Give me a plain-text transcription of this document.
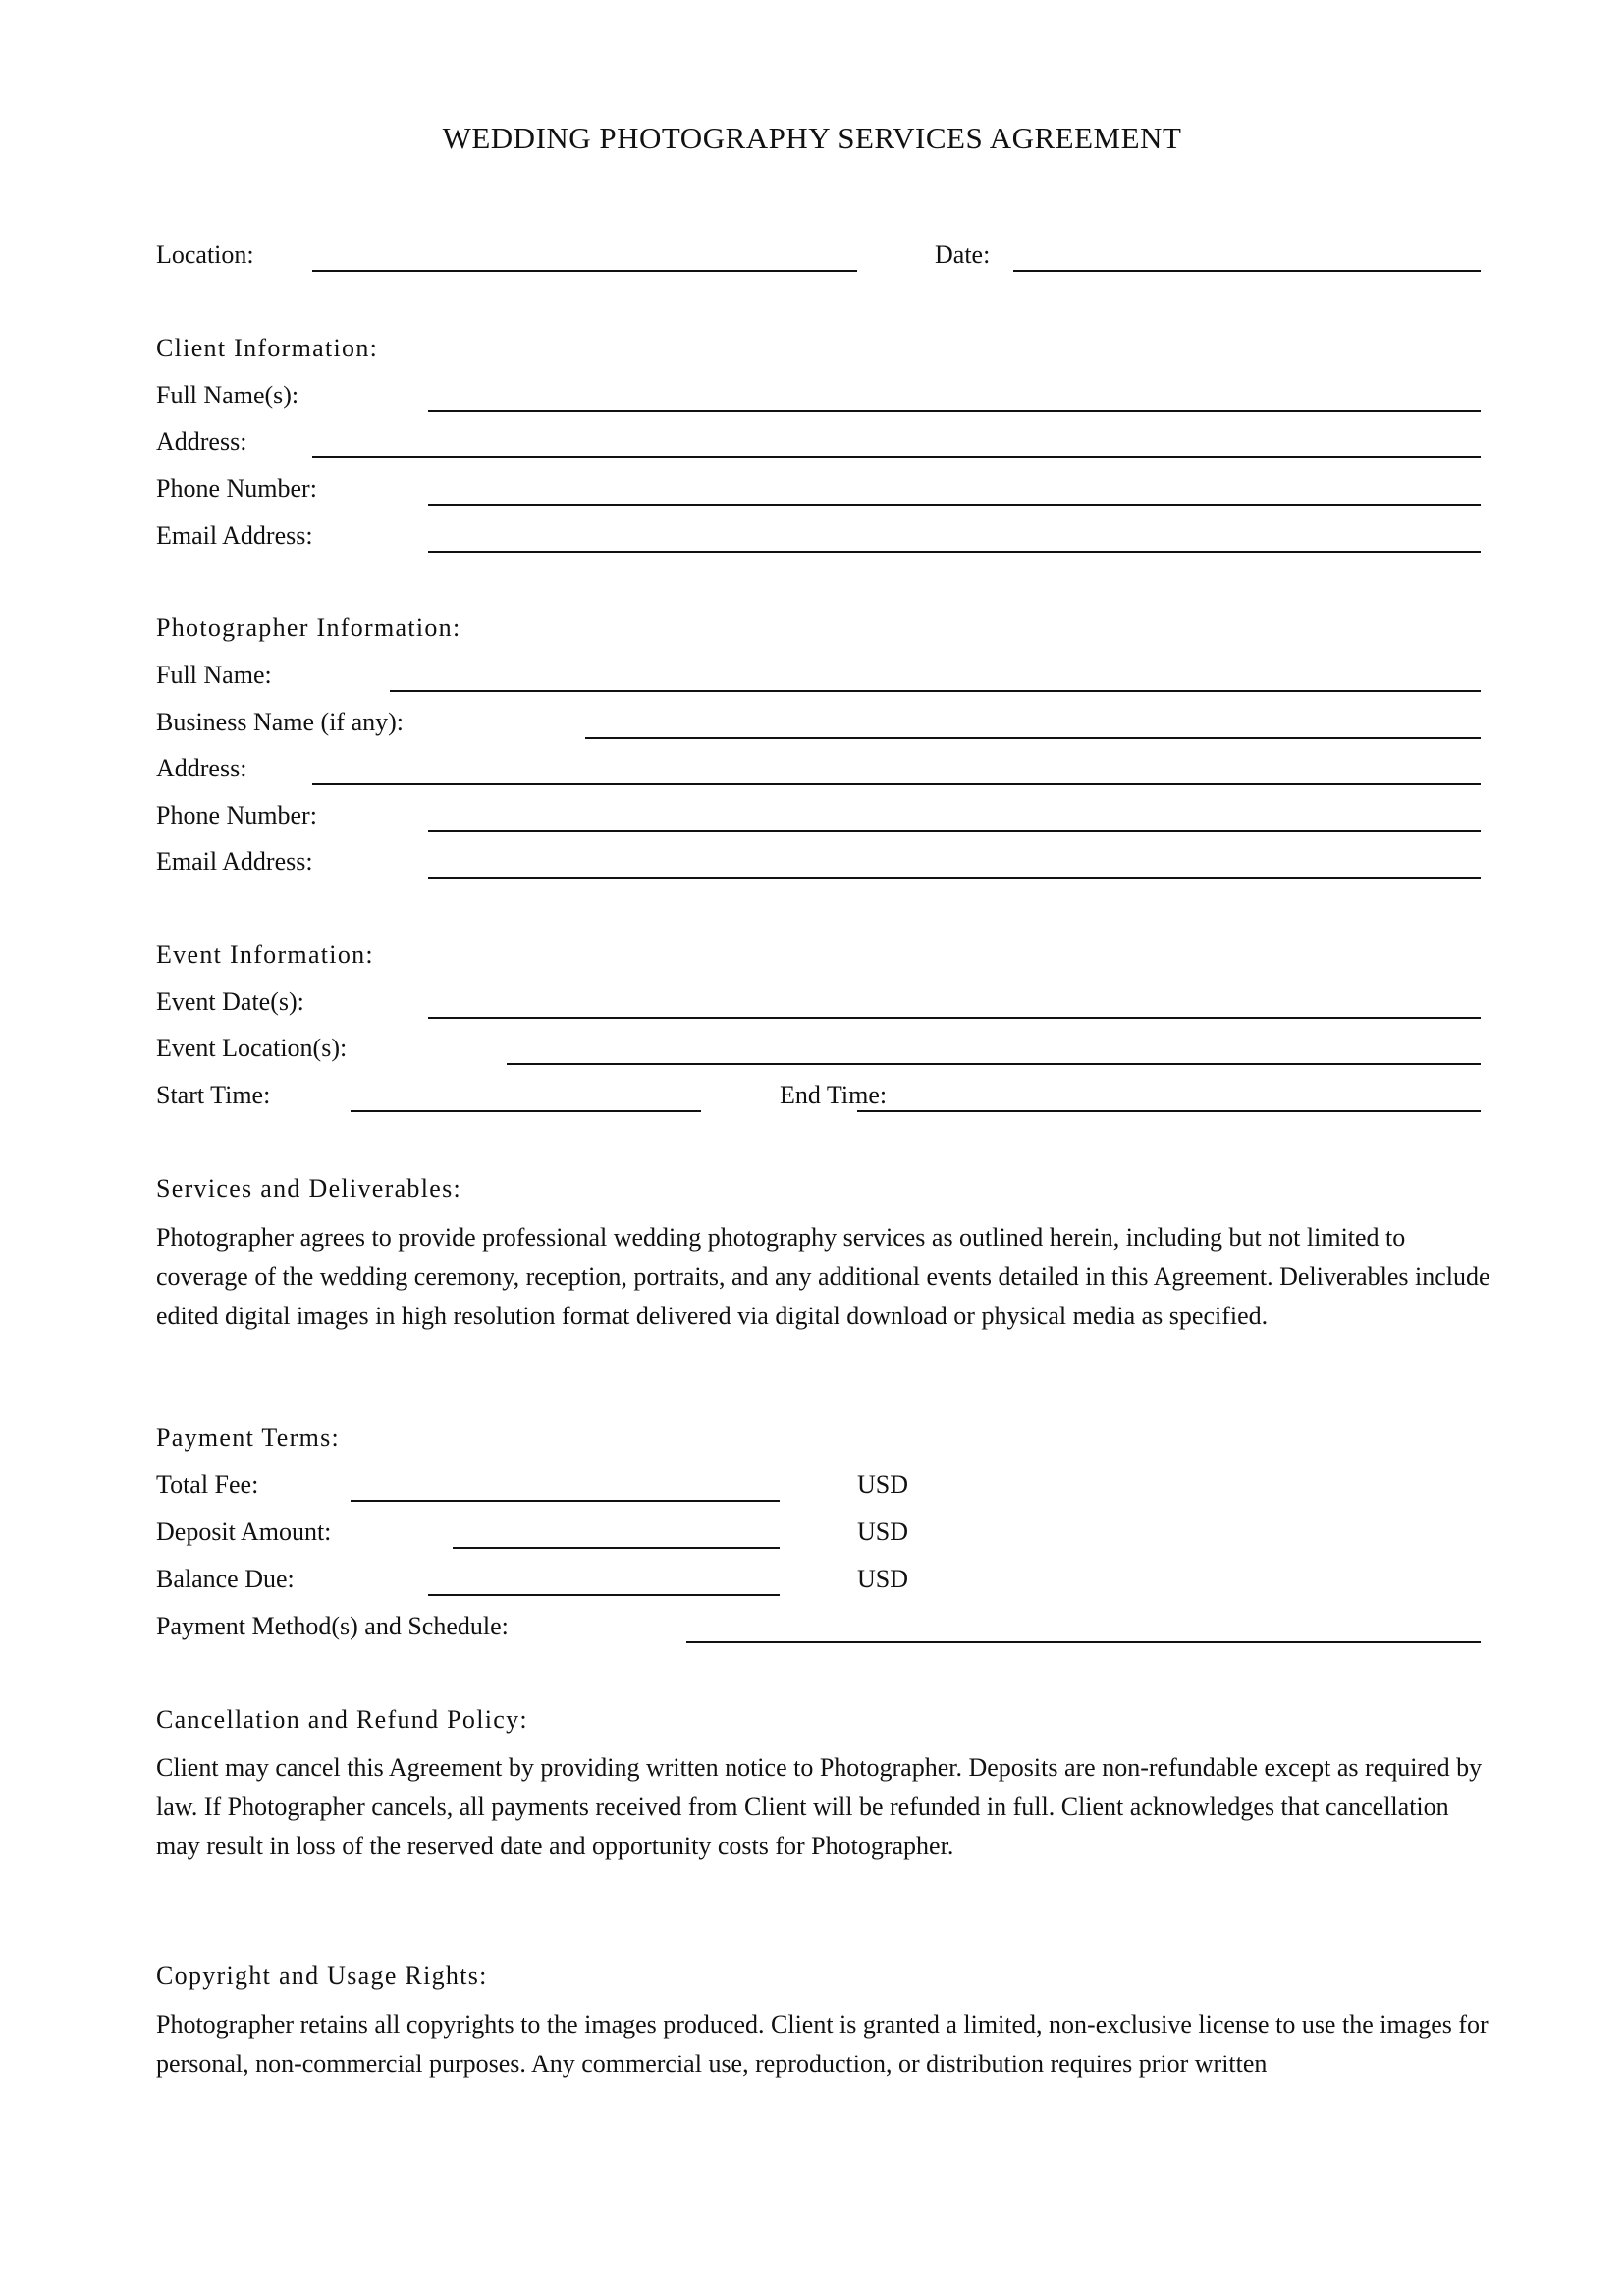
WEDDING PHOTOGRAPHY SERVICES AGREEMENT
Location:	Date:
Client Information:
Full Name(s):
Address:
Phone Number:
Email Address:
Photographer Information:
Full Name:
Business Name (if any):
Address:
Phone Number:
Email Address:
Event Information:
Event Date(s):
Event Location(s):
Start Time:	End Time:
Services and Deliverables:
Photographer agrees to provide professional wedding photography services as outlined herein, including but not limited to coverage of the wedding ceremony, reception, portraits, and any additional events detailed in this Agreement. Deliverables include edited digital images in high resolution format delivered via digital download or physical media as specified.
Payment Terms:
Total Fee:	USD
Deposit Amount:	USD
Balance Due:	USD
Payment Method(s) and Schedule:
Cancellation and Refund Policy:
Client may cancel this Agreement by providing written notice to Photographer. Deposits are non-refundable except as required by law. If Photographer cancels, all payments received from Client will be refunded in full. Client acknowledges that cancellation may result in loss of the reserved date and opportunity costs for Photographer.
Copyright and Usage Rights:
Photographer retains all copyrights to the images produced. Client is granted a limited, non-exclusive license to use the images for personal, non-commercial purposes. Any commercial use, reproduction, or distribution requires prior written
